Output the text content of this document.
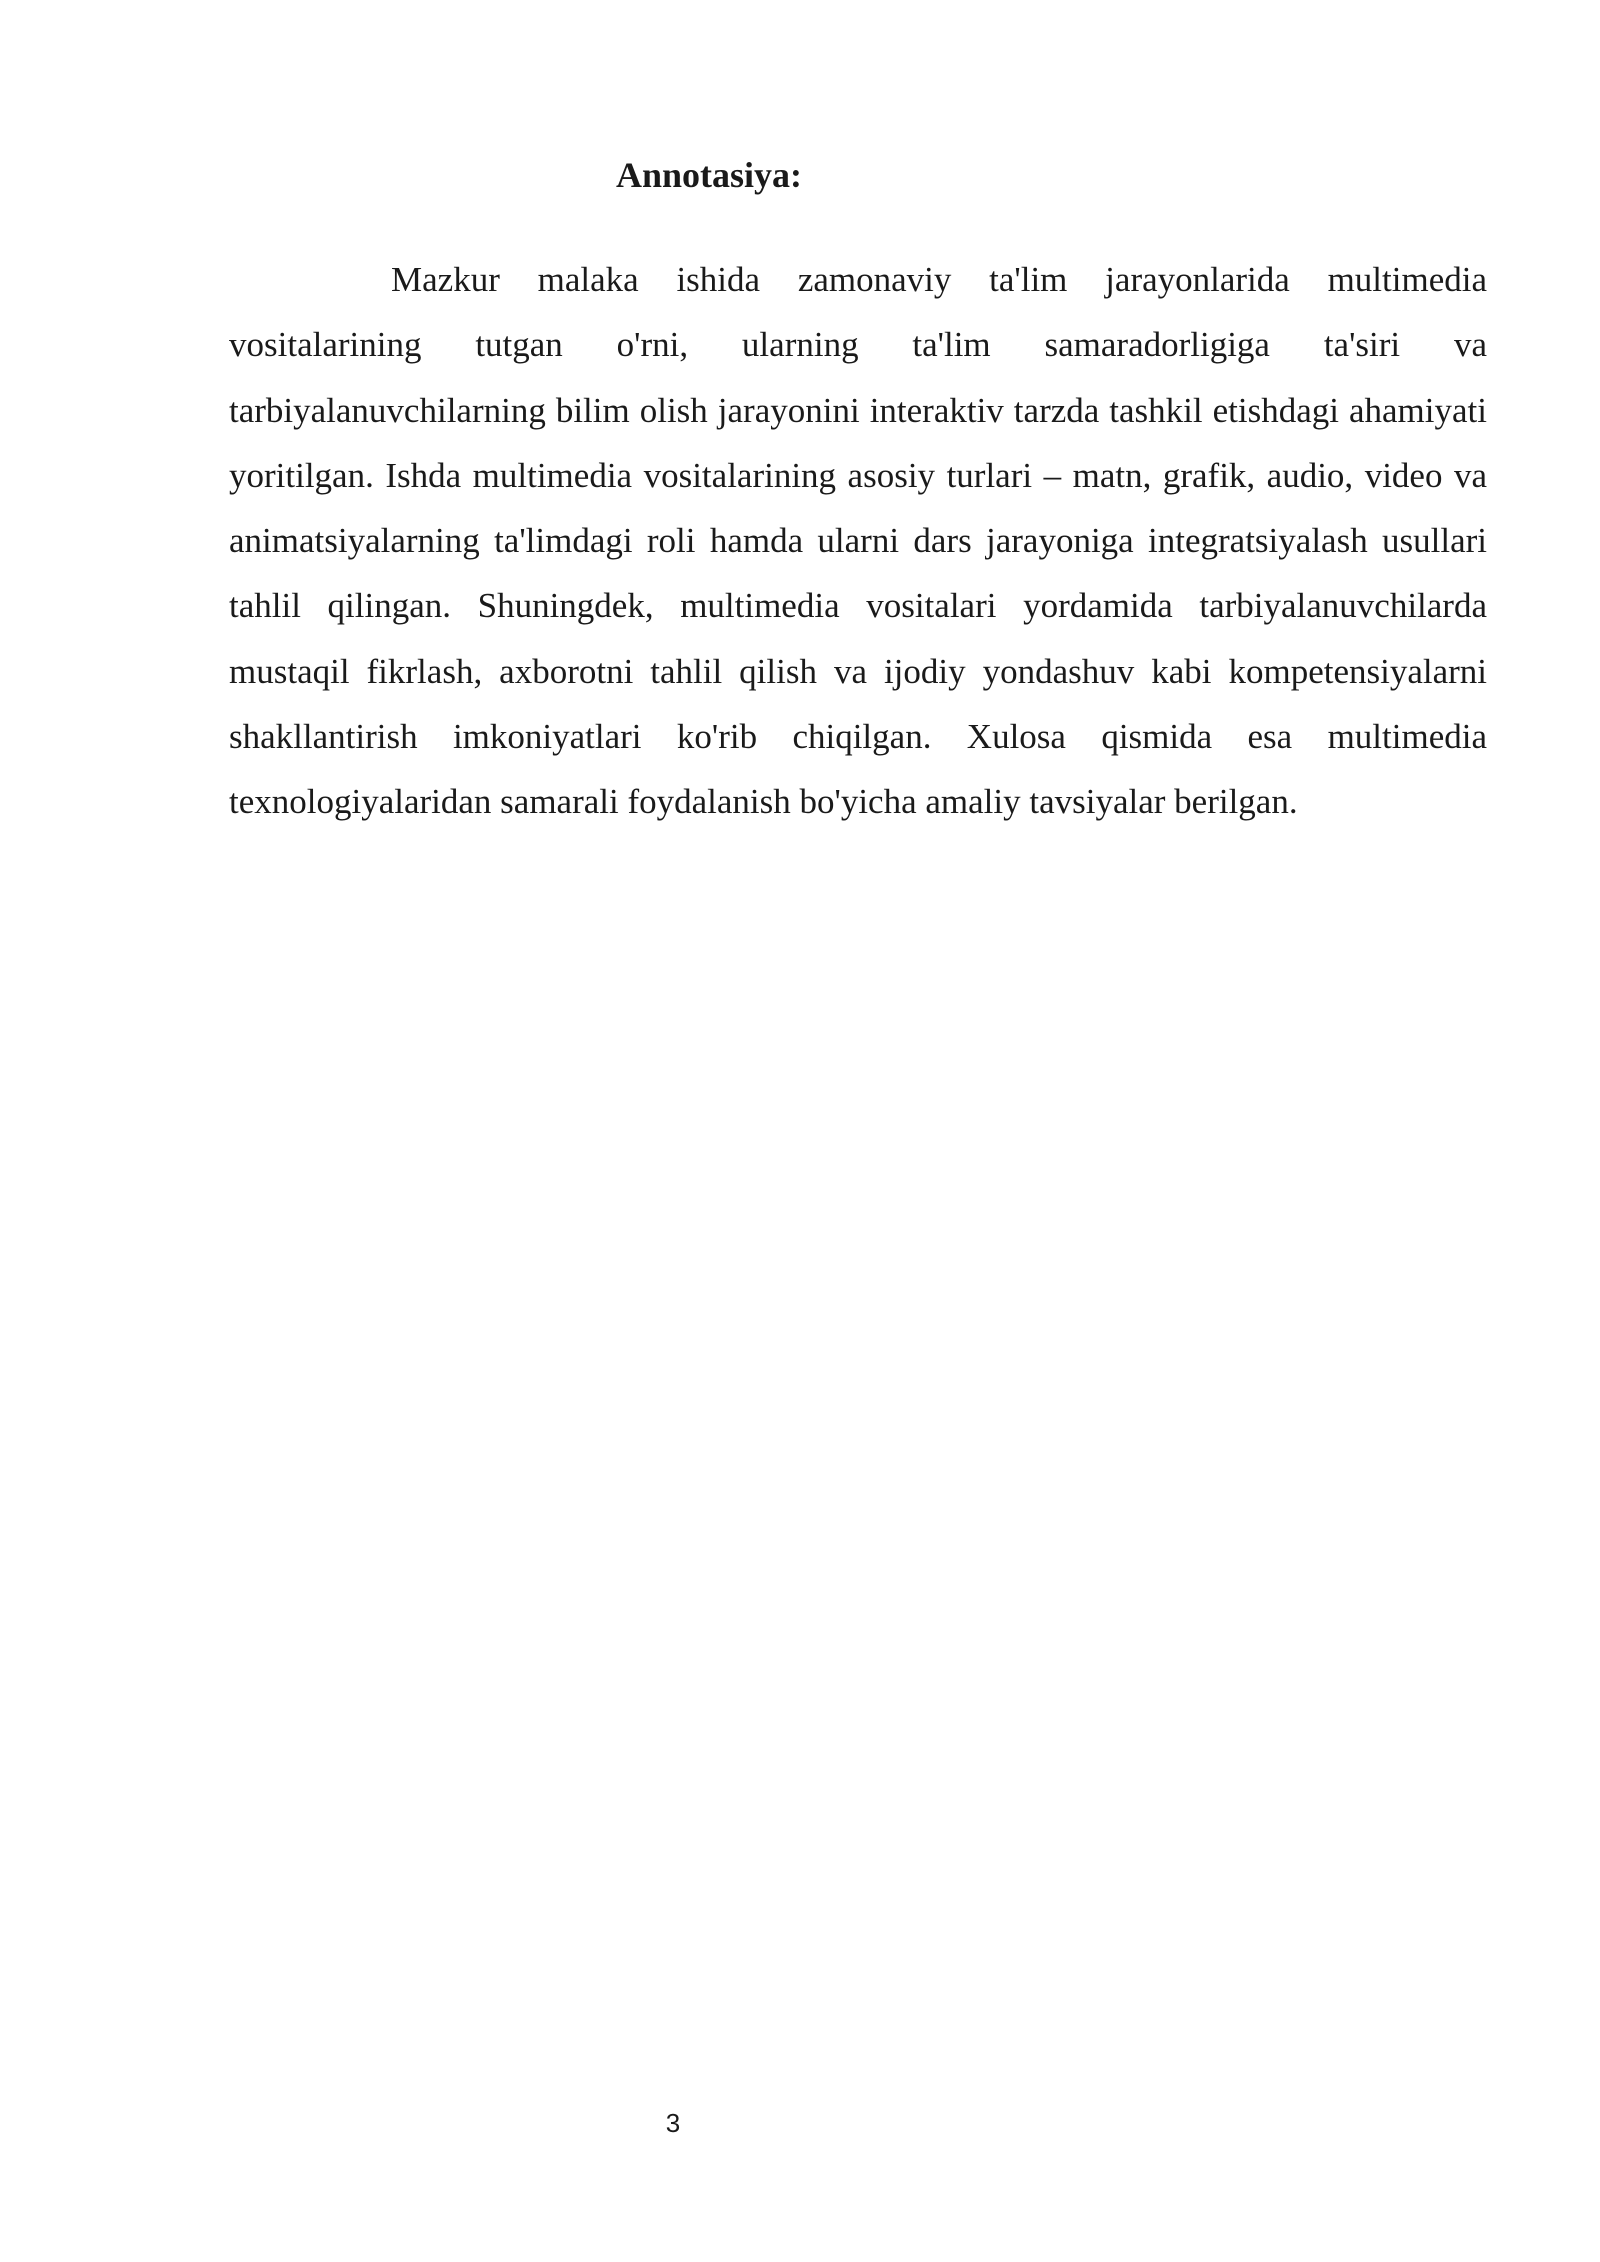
Annotasiya:

Mazkur malaka ishida zamonaviy ta'lim jarayonlarida multimedia vositalarining tutgan o'rni, ularning ta'lim samaradorligiga ta'siri va tarbiyalanuvchilarning bilim olish jarayonini interaktiv tarzda tashkil etishdagi ahamiyati yoritilgan. Ishda multimedia vositalarining asosiy turlari – matn, grafik, audio, video va animatsiyalarning ta'limdagi roli hamda ularni dars jarayoniga integratsiyalash usullari tahlil qilingan. Shuningdek, multimedia vositalari yordamida tarbiyalanuvchilarda mustaqil fikrlash, axborotni tahlil qilish va ijodiy yondashuv kabi kompetensiyalarni shakllantirish imkoniyatlari ko'rib chiqilgan. Xulosa qismida esa multimedia texnologiyalaridan samarali foydalanish bo'yicha amaliy tavsiyalar berilgan.

3
